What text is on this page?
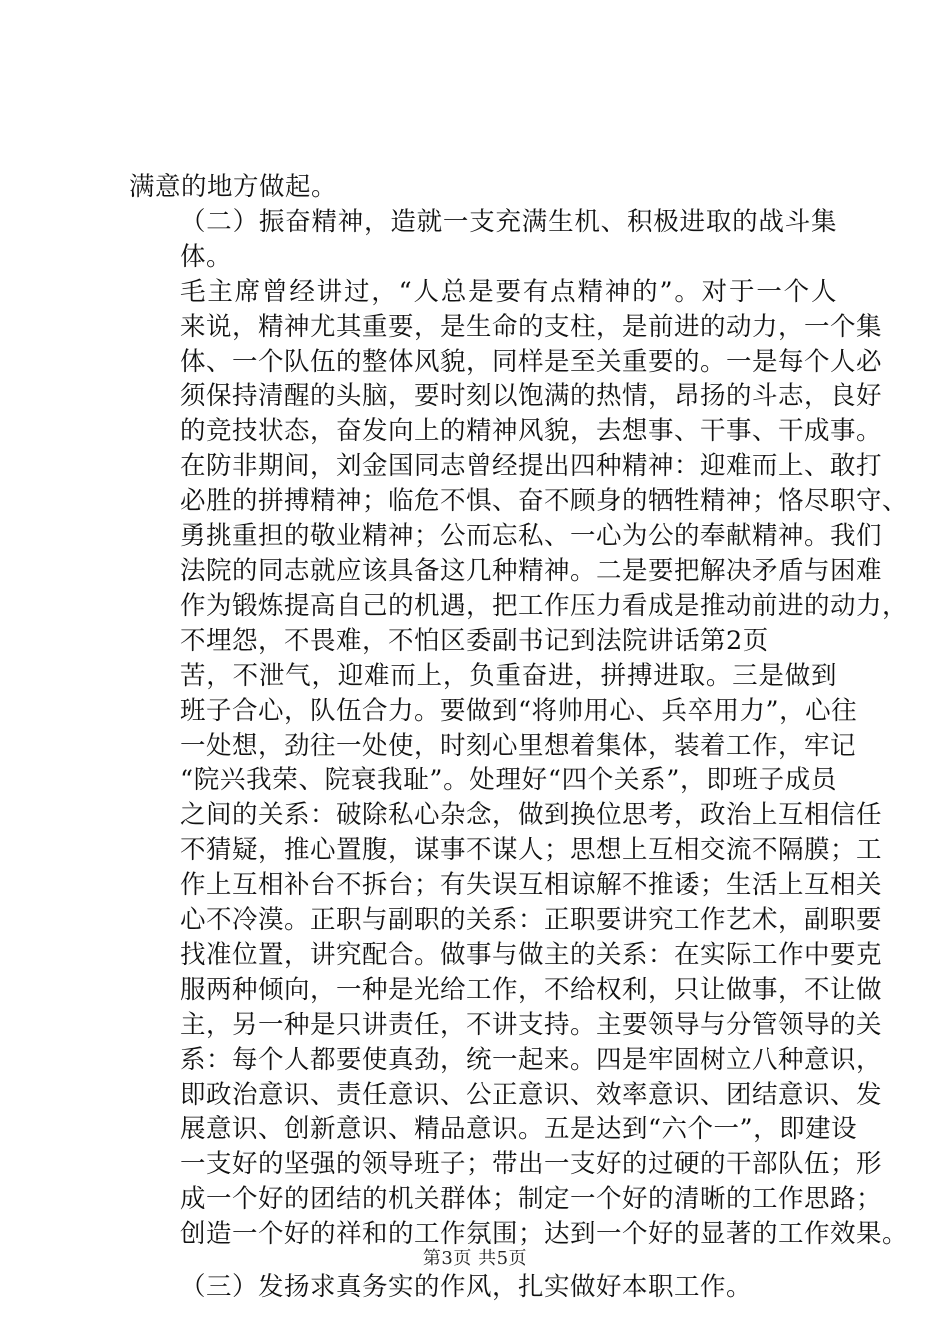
满意的地方做起。

（二）振奋精神，造就一支充满生机、积极进取的战斗集
体。

毛主席曾经讲过，“人总是要有点精神的”。对于一个人
来说，精神尤其重要，是生命的支柱，是前进的动力，一个集
体、一个队伍的整体风貌，同样是至关重要的。一是每个人必
须保持清醒的头脑，要时刻以饱满的热情，昂扬的斗志，良好
的竞技状态，奋发向上的精神风貌，去想事、干事、干成事。
在防非期间，刘金国同志曾经提出四种精神：迎难而上、敢打
必胜的拼搏精神；临危不惧、奋不顾身的牺牲精神；恪尽职守、
勇挑重担的敬业精神；公而忘私、一心为公的奉献精神。我们
法院的同志就应该具备这几种精神。二是要把解决矛盾与困难
作为锻炼提高自己的机遇，把工作压力看成是推动前进的动力，
不埋怨，不畏难，不怕区委副书记到法院讲话第2页

苦，不泄气，迎难而上，负重奋进，拼搏进取。三是做到
班子合心，队伍合力。要做到“将帅用心、兵卒用力”，心往
一处想，劲往一处使，时刻心里想着集体，装着工作，牢记
“院兴我荣、院衰我耻”。处理好“四个关系”，即班子成员
之间的关系：破除私心杂念，做到换位思考，政治上互相信任
不猜疑，推心置腹，谋事不谋人；思想上互相交流不隔膜；工
作上互相补台不拆台；有失误互相谅解不推诿；生活上互相关
心不冷漠。正职与副职的关系：正职要讲究工作艺术，副职要
找准位置，讲究配合。做事与做主的关系：在实际工作中要克
服两种倾向，一种是光给工作，不给权利，只让做事，不让做
主，另一种是只讲责任，不讲支持。主要领导与分管领导的关
系：每个人都要使真劲，统一起来。四是牢固树立八种意识，
即政治意识、责任意识、公正意识、效率意识、团结意识、发
展意识、创新意识、精品意识。五是达到“六个一”，即建设
一支好的坚强的领导班子；带出一支好的过硬的干部队伍；形
成一个好的团结的机关群体；制定一个好的清晰的工作思路；
创造一个好的祥和的工作氛围；达到一个好的显著的工作效果。

（三）发扬求真务实的作风，扎实做好本职工作。

第3页 共5页
